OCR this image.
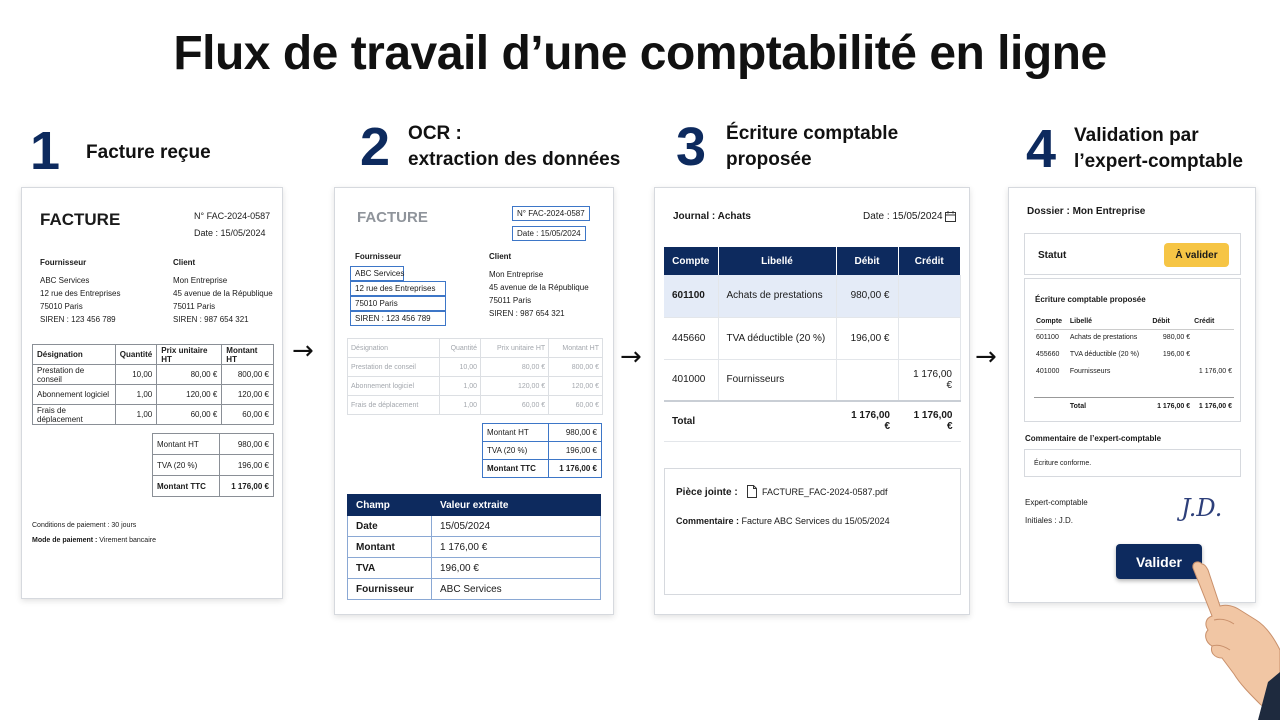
Flux de travail d’une comptabilité en ligne
1 Facture reçue	2 OCR :
extraction des données 3 Écriture comptable
proposée	4 Validation par
l’expert-comptable
→	→	→
FACTURE	N° FAC-2024-0587
Date : 15/05/2024
Fournisseur
ABC Services
12 rue des Entreprises
75010 Paris
SIREN : 123 456 789
Client
Mon Entreprise
45 avenue de la République
75011 Paris
SIREN : 987 654 321
Désignation	Quantité	Prix unitaire HT	Montant HT
Prestation de conseil	10,00	80,00 €	800,00 €
Abonnement logiciel	1,00	120,00 €	120,00 €
Frais de déplacement	1,00	60,00 €	60,00 €
Montant HT	980,00 €
TVA (20 %)	196,00 €
Montant TTC	1 176,00 €
Conditions de paiement : 30 jours
Mode de paiement : Virement bancaire
FACTURE	N° FAC-2024-0587
Date : 15/05/2024
Fournisseur
ABC Services
12 rue des Entreprises
75010 Paris
SIREN : 123 456 789
Client
Mon Entreprise
45 avenue de la République
75011 Paris
SIREN : 987 654 321
Désignation	Quantité	Prix unitaire HT	Montant HT
Prestation de conseil	10,00	80,00 €	800,00 €
Abonnement logiciel	1,00	120,00 €	120,00 €
Frais de déplacement	1,00	60,00 €	60,00 €
Montant HT	980,00 €
TVA (20 %)	196,00 €
Montant TTC	1 176,00 €
Champ	Valeur extraite
Date	15/05/2024
Montant	1 176,00 €
TVA	196,00 €
Fournisseur	ABC Services
Journal : Achats	Date : 15/05/2024
Compte	Libellé	Débit	Crédit
601100	Achats de prestations	980,00 €	
445660	TVA déductible (20 %)	196,00 €	
401000	Fournisseurs		1 176,00 €
Total		1 176,00 €	1 176,00 €
Pièce jointe :	FACTURE_FAC-2024-0587.pdf
Commentaire : Facture ABC Services du 15/05/2024
Dossier : Mon Entreprise
Statut	À valider
Écriture comptable proposée
Compte	Libellé	Débit	Crédit
601100	Achats de prestations	980,00 €	
455660	TVA déductible (20 %)	196,00 €	
401000	Fournisseurs		1 176,00 €

	Total	1 176,00 €	1 176,00 €
Commentaire de l’expert-comptable
Écriture conforme.
Expert-comptable
Initiales : J.D.	J.D.
Valider
